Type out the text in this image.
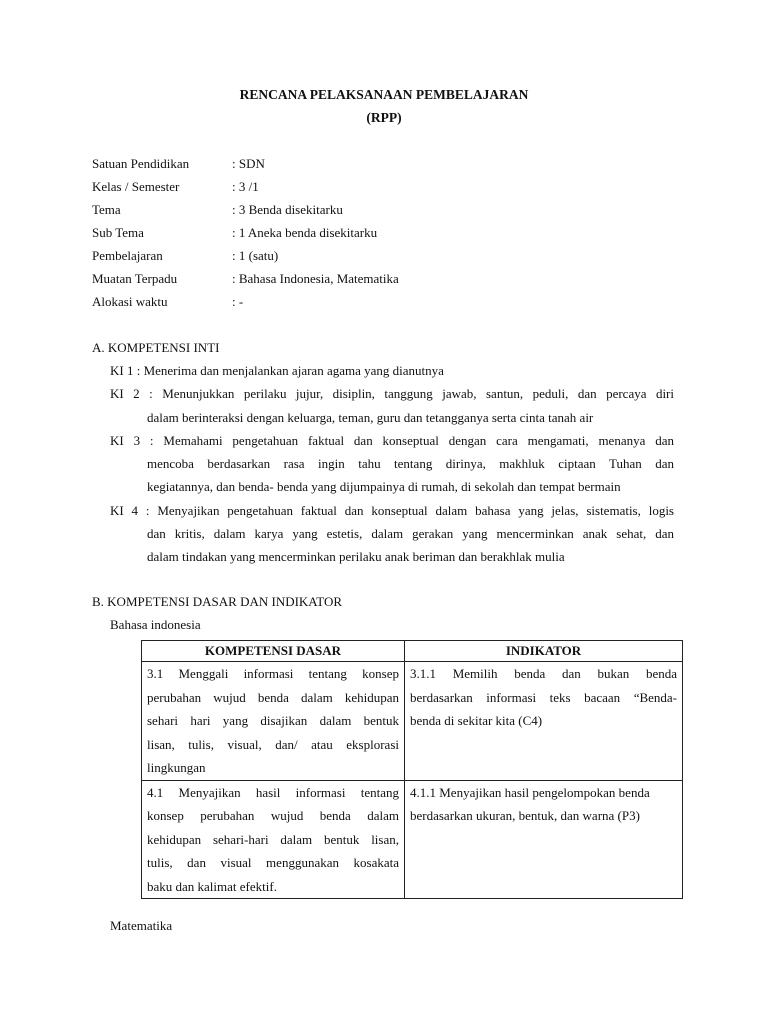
RENCANA PELAKSANAAN PEMBELAJARAN
(RPP)
Satuan Pendidikan	: SDN
Kelas / Semester	: 3 /1
Tema	: 3 Benda disekitarku
Sub Tema	: 1 Aneka benda disekitarku
Pembelajaran	: 1 (satu)
Muatan Terpadu	: Bahasa Indonesia, Matematika
Alokasi waktu	: -
A. KOMPETENSI INTI
KI 1 : Menerima dan menjalankan ajaran agama yang dianutnya
KI 2 : Menunjukkan perilaku jujur, disiplin, tanggung jawab, santun, peduli, dan percaya diri
dalam berinteraksi dengan keluarga, teman, guru dan tetangganya serta cinta tanah air
KI 3 : Memahami pengetahuan faktual dan konseptual dengan cara mengamati, menanya dan
mencoba berdasarkan rasa ingin tahu tentang dirinya, makhluk ciptaan Tuhan dan
kegiatannya, dan benda- benda yang dijumpainya di rumah, di sekolah dan tempat bermain
KI 4 : Menyajikan pengetahuan faktual dan konseptual dalam bahasa yang jelas, sistematis, logis
dan kritis, dalam karya yang estetis, dalam gerakan yang mencerminkan anak sehat, dan
dalam tindakan yang mencerminkan perilaku anak beriman dan berakhlak mulia
B. KOMPETENSI DASAR DAN INDIKATOR
Bahasa indonesia
KOMPETENSI DASAR	INDIKATOR

3.1 Menggali informasi tentang konsep
perubahan wujud benda dalam kehidupan
sehari hari yang disajikan dalam bentuk
lisan, tulis, visual, dan/ atau eksplorasi
lingkungan	3.1.1 Memilih benda dan bukan benda
berdasarkan informasi teks bacaan “Benda-
benda di sekitar kita (C4)

4.1 Menyajikan hasil informasi tentang
konsep perubahan wujud benda dalam
kehidupan sehari-hari dalam bentuk lisan,
tulis, dan visual menggunakan kosakata
baku dan kalimat efektif.	4.1.1 Menyajikan hasil pengelompokan benda
berdasarkan ukuran, bentuk, dan warna (P3)
Matematika
